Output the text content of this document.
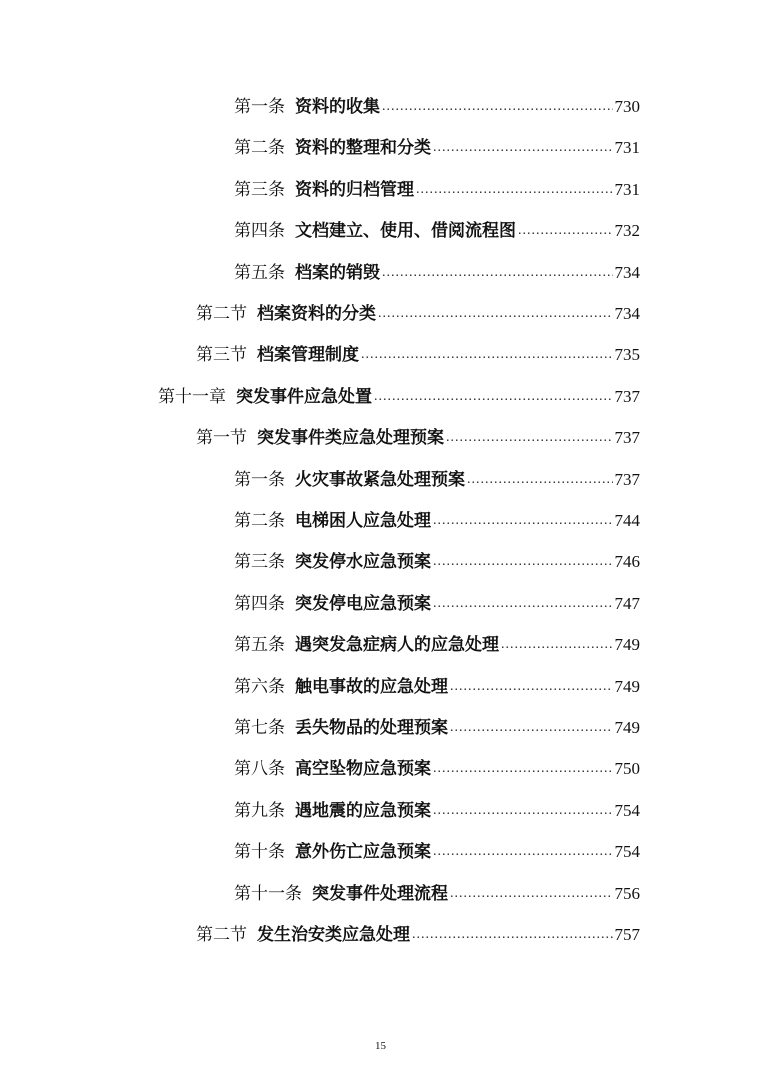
第一条 资料的收集 .....	730
第二条 资料的整理和分类 .....	731
第三条 资料的归档管理 .....	731
第四条 文档建立、使用、借阅流程图 .....	732
第五条 档案的销毁 .....	734
第二节 档案资料的分类 .....	734
第三节 档案管理制度 .....	735
第十一章 突发事件应急处置 .....	737
第一节 突发事件类应急处理预案 .....	737
第一条 火灾事故紧急处理预案 .....	737
第二条 电梯困人应急处理 .....	744
第三条 突发停水应急预案 .....	746
第四条 突发停电应急预案 .....	747
第五条 遇突发急症病人的应急处理 .....	749
第六条 触电事故的应急处理 .....	749
第七条 丢失物品的处理预案 .....	749
第八条 高空坠物应急预案 .....	750
第九条 遇地震的应急预案 .....	754
第十条 意外伤亡应急预案 .....	754
第十一条 突发事件处理流程 .....	756
第二节 发生治安类应急处理 .....	757
15
